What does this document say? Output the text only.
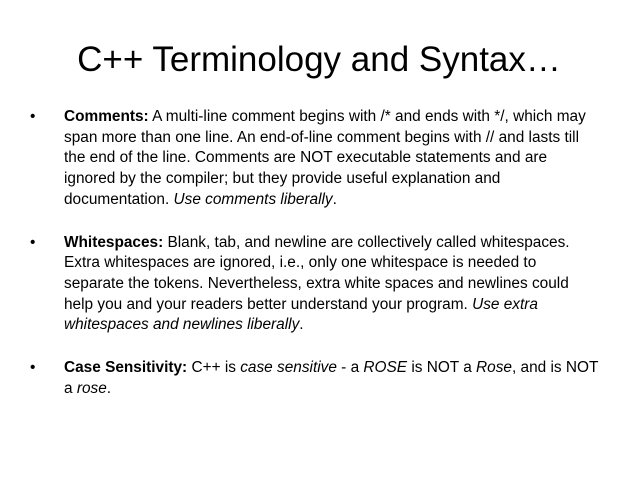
C++ Terminology and Syntax…
• Comments: A multi-line comment begins with /* and ends with */, which may span more than one line. An end-of-line comment begins with // and lasts till the end of the line. Comments are NOT executable statements and are ignored by the compiler; but they provide useful explanation and documentation. Use comments liberally.
• Whitespaces: Blank, tab, and newline are collectively called whitespaces. Extra whitespaces are ignored, i.e., only one whitespace is needed to separate the tokens. Nevertheless, extra white spaces and newlines could help you and your readers better understand your program. Use extra whitespaces and newlines liberally.
• Case Sensitivity: C++ is case sensitive - a ROSE is NOT a Rose, and is NOT a rose.
